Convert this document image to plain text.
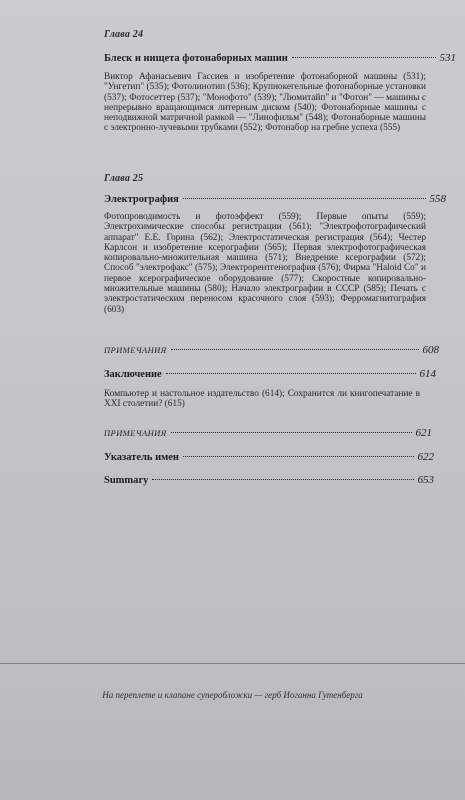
Глава 24
Блеск и нищета фотонаборных машин	531
Виктор Афанасьевич Гассиев и изобретение фотонаборной машины (531); "Унгетип" (535); Фотолинотип (536); Крупнокегельные фотонаборные установки (537); Фотосеттер (537); "Монофото" (539); "Люмитайп" и "Фотон" — машины с непрерывно вращающимся литерным диском (540); Фотонаборные машины с неподвижной матричной рамкой — "Линофильм" (548); Фотонаборные машины с электронно-лучевыми трубками (552); Фотонабор на гребне успеха (555)
Глава 25
Электрография	558
Фотопроводимость и фотоэффект (559); Первые опыты (559); Электрохимические способы регистрации (561); "Электрофотографический аппарат" Е.Е. Горина (562); Электростатическая регистрация (564); Честер Карлсон и изобретение ксерографии (565); Первая электрофотографическая копировально-множительная машина (571); Внедрение ксерографии (572); Способ "электрофакс" (575); Электрорентгенография (576); Фирма "Haloid Co" и первое ксерографическое оборудование (577); Скоростные копировально-множительные машины (580); Начало электрографии в СССР (585); Печать с электростатическим переносом красочного слоя (593); Ферромагнитография (603)
ПРИМЕЧАНИЯ	608
Заключение	614
Компьютер и настольное издательство (614); Сохранится ли книгопечатание в XXI столетии? (615)
ПРИМЕЧАНИЯ	621
Указатель имен	622
Summary	653
На переплете и клапане суперобложки — герб Иоганна Гутенберга
